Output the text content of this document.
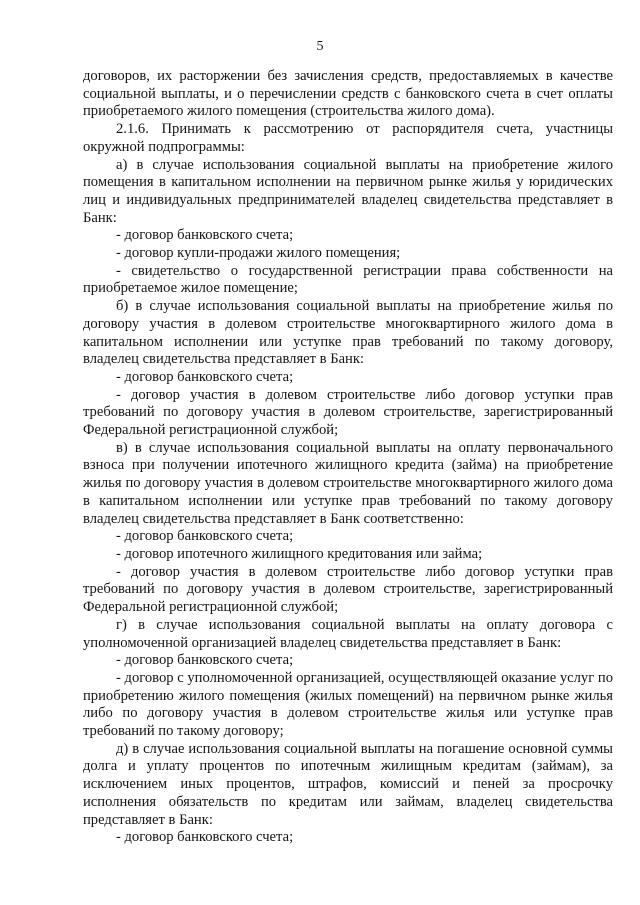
5

договоров, их расторжении без зачисления средств, предоставляемых в качестве социальной выплаты, и о перечислении средств с банковского счета в счет оплаты приобретаемого жилого помещения (строительства жилого дома).

2.1.6. Принимать к рассмотрению от распорядителя счета, участницы окружной подпрограммы:

а) в случае использования социальной выплаты на приобретение жилого помещения в капитальном исполнении на первичном рынке жилья у юридических лиц и индивидуальных предпринимателей владелец свидетельства представляет в Банк:

- договор банковского счета;

- договор купли-продажи жилого помещения;

- свидетельство о государственной регистрации права собственности на приобретаемое жилое помещение;

б) в случае использования социальной выплаты на приобретение жилья по договору участия в долевом строительстве многоквартирного жилого дома в капитальном исполнении или уступке прав требований по такому договору, владелец свидетельства представляет в Банк:

- договор банковского счета;

- договор участия в долевом строительстве либо договор уступки прав требований по договору участия в долевом строительстве, зарегистрированный Федеральной регистрационной службой;

в) в случае использования социальной выплаты на оплату первоначального взноса при получении ипотечного жилищного кредита (займа) на приобретение жилья по договору участия в долевом строительстве многоквартирного жилого дома в капитальном исполнении или уступке прав требований по такому договору владелец свидетельства представляет в Банк соответственно:

- договор банковского счета;

- договор ипотечного жилищного кредитования или займа;

- договор участия в долевом строительстве либо договор уступки прав требований по договору участия в долевом строительстве, зарегистрированный Федеральной регистрационной службой;

г) в случае использования социальной выплаты на оплату договора с уполномоченной организацией владелец свидетельства представляет в Банк:

- договор банковского счета;

- договор с уполномоченной организацией, осуществляющей оказание услуг по приобретению жилого помещения (жилых помещений) на первичном рынке жилья либо по договору участия в долевом строительстве жилья или уступке прав требований по такому договору;

д) в случае использования социальной выплаты на погашение основной суммы долга и уплату процентов по ипотечным жилищным кредитам (займам), за исключением иных процентов, штрафов, комиссий и пеней за просрочку исполнения обязательств по кредитам или займам, владелец свидетельства представляет в Банк:

- договор банковского счета;
